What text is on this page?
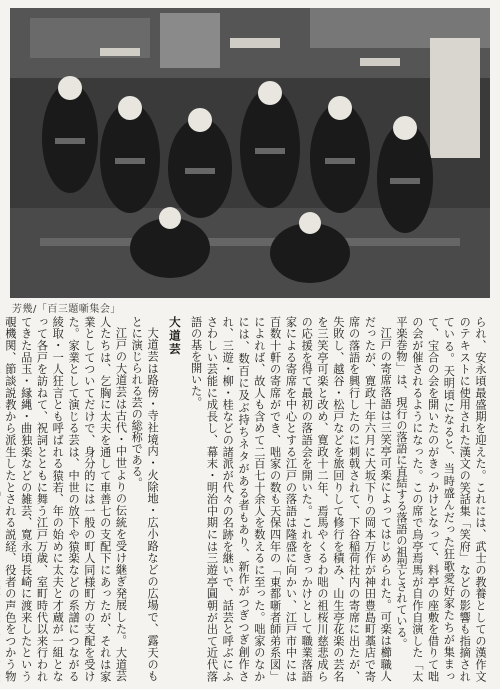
芳幾/「百三題噺集会」

られ、安永頃最盛期を迎えた。これには、武士の教養としての漢作文のテキストに使用された漢文の笑話集「笑府」などの影響も指摘されている。天明頃になると、当時盛んだった狂歌愛好家たちが集まって、宝合の会を開いたのがきっかけとなって、料亭の座敷を借りて咄の会が催されるようになった。この席で烏亭焉馬が自作自演した「太平楽巻物」は、現行の落語に直結する落語の祖型とされている。

江戸の寄席落語は三笑亭可楽によってはじめられた。可楽は櫛職人だったが、寛政十年六月に大坂下りの岡本万作が神田豊島町藁店で寄席の落語を興行したのに刺戟されて、下谷稲荷社内の寄席に出たが、失敗し、越谷・松戸などを旅回りして修行を積み、山生亭花楽の芸名を三笑亭可楽と改め、寛政十二年、焉馬やくるわ咄の祖桜川慈悲成らの応援を得て最初の落語会を開いた。これをきっかけとして職業落語家による寄席を中心とする江戸の落語は隆盛に向かい、江戸市中には百数十軒の寄席ができ、咄家の数も天保四年の「東都噺者師弟系図」によれば、故人も含めて二百七十余人を数えるに至った。咄家のなかには、数百に及ぶ持ちネタがある者もあり、新作がつぎつぎ創作され、三遊・柳・桂などの諸派が代々の名跡を継いで、話芸と呼ぶにふさわしい芸能に成長し、幕末・明治中期には三遊亭圓朝が出て近代落語の基を開いた。

大道芸

大道芸は路傍・寺社境内・火除地・広小路などの広場で、露天のもとに演じられる芸の総称である。

江戸の大道芸は古代・中世よりの伝統を受け継ぎ発展した。大道芸人たちは、乞胸に太夫を通して車善七の支配下にあったが、それは家業としてついてだけで、身分的には一般の町人同様町方の支配を受けた。家業として演じる芸は、中世の放下や猿楽などの系譜につながる綾取・一人狂言とも呼ばれる猿若、年の始めに太夫と才蔵が一組となって各戸を訪ねて、祝詞とともに舞う江戸万歳、室町時代以来行われてきた品玉・縁縄・曲独楽などの雑芸、寛永頃長崎に渡来したという覗機関、節談説教から派生したとされる説経、役者の声色をつかう物
